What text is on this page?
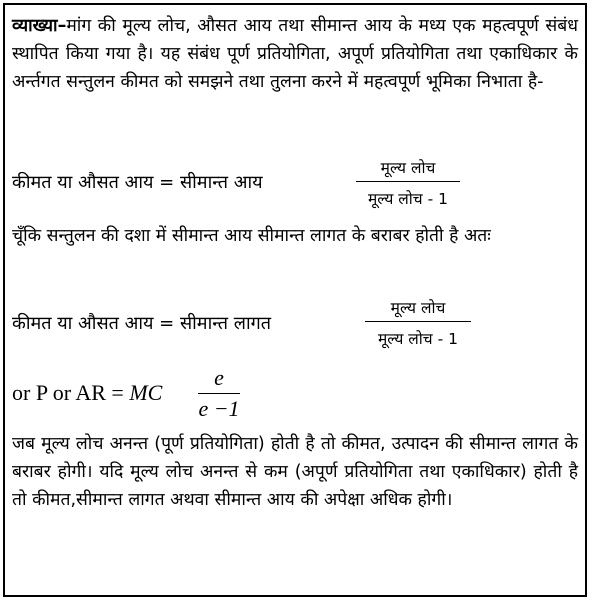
व्याख्या–मांग की मूल्य लोच, औसत आय तथा सीमान्त आय के मध्य एक महत्वपूर्ण संबंध स्थापित किया गया है। यह संबंध पूर्ण प्रतियोगिता, अपूर्ण प्रतियोगिता तथा एकाधिकार के अर्न्तगत सन्तुलन कीमत को समझने तथा तुलना करने में महत्वपूर्ण भूमिका निभाता है-
कीमत या औसत आय = सीमान्त आय
मूल्य लोच
मूल्य लोच - 1
चूँकि सन्तुलन की दशा में सीमान्त आय सीमान्त लागत के बराबर होती है अतः
कीमत या औसत आय = सीमान्त लागत
मूल्य लोच
मूल्य लोच - 1
or P or AR = MC
e
e −1
जब मूल्य लोच अनन्त (पूर्ण प्रतियोगिता) होती है तो कीमत, उत्पादन की सीमान्त लागत के बराबर होगी। यदि मूल्य लोच अनन्त से कम (अपूर्ण प्रतियोगिता तथा एकाधिकार) होती है तो कीमत,सीमान्त लागत अथवा सीमान्त आय की अपेक्षा अधिक होगी।
